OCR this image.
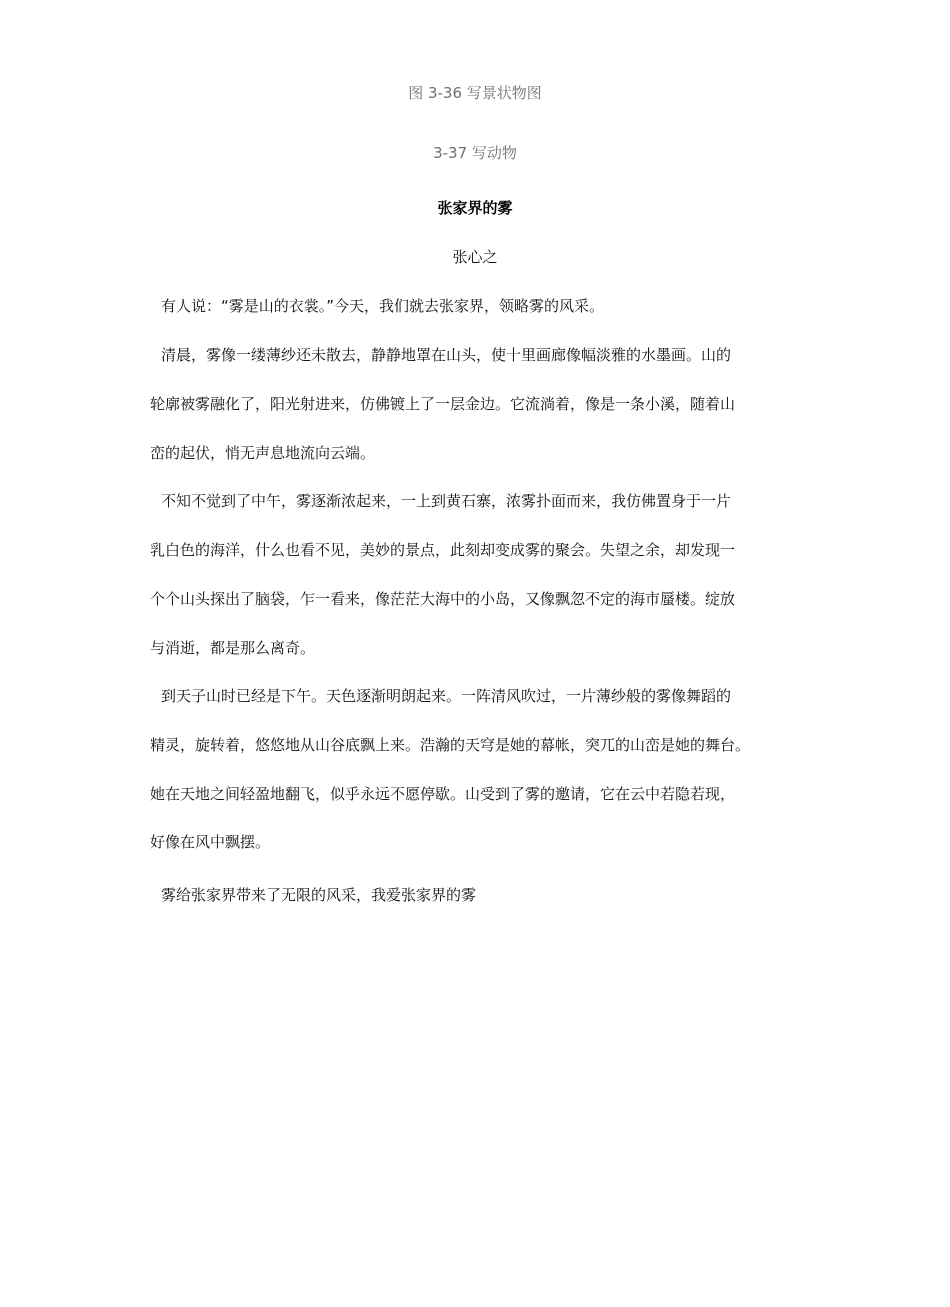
图 3-36 写景状物图
3-37 写动物
张家界的雾
张心之
有人说：“雾是山的衣裳。”今天，我们就去张家界，领略雾的风采。
清晨，雾像一缕薄纱还未散去，静静地罩在山头，使十里画廊像幅淡雅的水墨画。山的
轮廓被雾融化了，阳光射进来，仿佛镀上了一层金边。它流淌着，像是一条小溪，随着山
峦的起伏，悄无声息地流向云端。
不知不觉到了中午，雾逐渐浓起来，一上到黄石寨，浓雾扑面而来，我仿佛置身于一片
乳白色的海洋，什么也看不见，美妙的景点，此刻却变成雾的聚会。失望之余，却发现一
个个山头探出了脑袋，乍一看来，像茫茫大海中的小岛，又像飘忽不定的海市蜃楼。绽放
与消逝，都是那么离奇。
到天子山时已经是下午。天色逐渐明朗起来。一阵清风吹过，一片薄纱般的雾像舞蹈的
精灵，旋转着，悠悠地从山谷底飘上来。浩瀚的天穹是她的幕帐，突兀的山峦是她的舞台。
她在天地之间轻盈地翻飞，似乎永远不愿停歇。山受到了雾的邀请，它在云中若隐若现，
好像在风中飘摆。
雾给张家界带来了无限的风采，我爱张家界的雾
